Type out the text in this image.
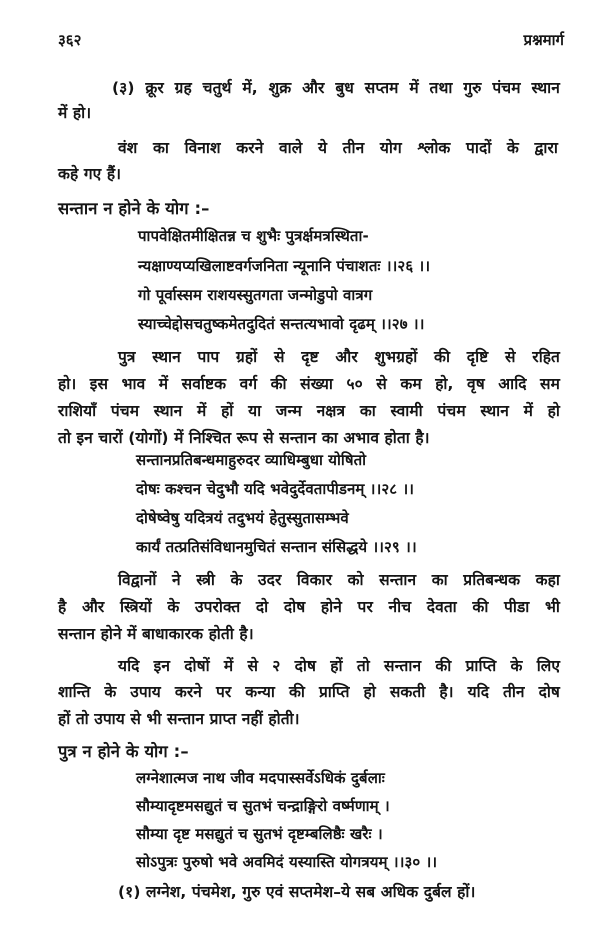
३६२	प्रश्नमार्ग
(३) क्रूर ग्रह चतुर्थ में, शुक्र और बुध सप्तम में तथा गुरु पंचम स्थान
में हो।
वंश का विनाश करने वाले ये तीन योग श्लोक पादों के द्वारा
कहे गए हैं।
सन्तान न होने के योग :–
पापवेक्षितमीक्षितन्न च शुभैः पुत्रर्क्षमत्रस्थिता-
न्यक्षाण्यप्यखिलाष्टवर्गजनिता न्यूनानि पंचाशतः ।।२६ ।।
गो पूर्वास्सम राशयस्सुतगता जन्मोडुपो वात्रग
स्याच्चेद्दोसचतुष्कमेतदुदितं सन्तत्यभावो दृढम् ।।२७ ।।
पुत्र स्थान पाप ग्रहों से दृष्ट और शुभग्रहों की दृष्टि से रहित
हो। इस भाव में सर्वाष्टक वर्ग की संख्या ५० से कम हो, वृष आदि सम
राशियाँ पंचम स्थान में हों या जन्म नक्षत्र का स्वामी पंचम स्थान में हो
तो इन चारों (योगों) में निश्चित रूप से सन्तान का अभाव होता है।
सन्तानप्रतिबन्धमाहुरुदर व्याधिम्बुधा योषितो
दोषः कश्चन चेदुभौ यदि भवेदुर्देवतापीडनम् ।।२८ ।।
दोषेष्वेषु यदित्रयं तदुभयं हेतुस्सुतासम्भवे
कार्यं तत्प्रतिसंविधानमुचितं सन्तान संसिद्धये ।।२९ ।।
विद्वानों ने स्त्री के उदर विकार को सन्तान का प्रतिबन्धक कहा
है और स्त्रियों के उपरोक्त दो दोष होने पर नीच देवता की पीडा भी
सन्तान होने में बाधाकारक होती है।
यदि इन दोषों में से २ दोष हों तो सन्तान की प्राप्ति के लिए
शान्ति के उपाय करने पर कन्या की प्राप्ति हो सकती है। यदि तीन दोष
हों तो उपाय से भी सन्तान प्राप्त नहीं होती।
पुत्र न होने के योग :–
लग्नेशात्मज नाथ जीव मदपास्सर्वेऽधिकं दुर्बलाः
सौम्यादृष्टमसद्युतं च सुतभं चन्द्राङ्गिरो वर्ष्मणाम् ।
सौम्या दृष्ट मसद्युतं च सुतभं दृष्टम्बलिष्ठैः खरैः ।
सोऽपुत्रः पुरुषो भवे अवमिदं यस्यास्ति योगत्रयम् ।।३० ।।
(१) लग्नेश, पंचमेश, गुरु एवं सप्तमेश–ये सब अधिक दुर्बल हों।
